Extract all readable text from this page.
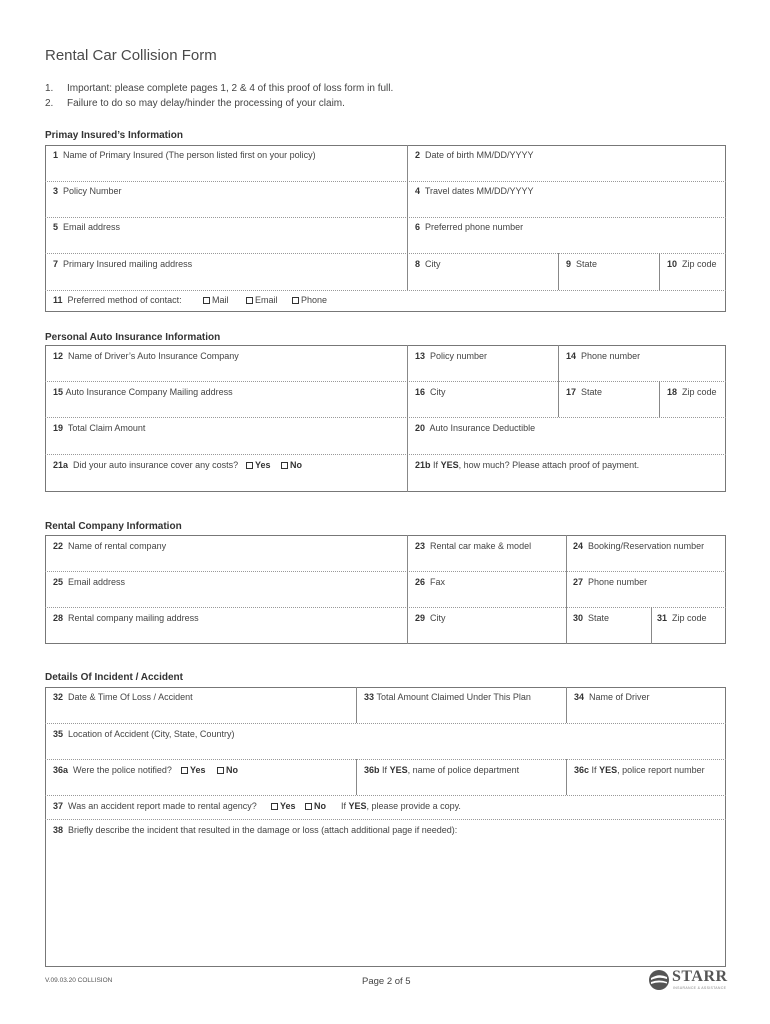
Rental Car Collision Form
1. Important: please complete pages 1, 2 & 4 of this proof of loss form in full.
2. Failure to do so may delay/hinder the processing of your claim.
Primay Insured’s Information
1 Name of Primary Insured (The person listed first on your policy)	2 Date of birth MM/DD/YYYY
3 Policy Number	4 Travel dates MM/DD/YYYY
5 Email address	6 Preferred phone number
7 Primary Insured mailing address	8 City	9 State	10 Zip code
11 Preferred method of contact:	Mail	Email	Phone
Personal Auto Insurance Information
12 Name of Driver’s Auto Insurance Company	13 Policy number	14 Phone number
15 Auto Insurance Company Mailing address	16 City	17 State	18 Zip code
19 Total Claim Amount	20 Auto Insurance Deductible
21a Did your auto insurance cover any costs?	Yes	No	21b If YES, how much? Please attach proof of payment.
Rental Company Information
22 Name of rental company	23 Rental car make & model	24 Booking/Reservation number
25 Email address	26 Fax	27 Phone number
28 Rental company mailing address	29 City	30 State	31 Zip code
Details Of Incident / Accident
32 Date & Time Of Loss / Accident	33 Total Amount Claimed Under This Plan	34 Name of Driver
35 Location of Accident (City, State, Country)
36a Were the police notified?	Yes	No	36b If YES, name of police department	36c If YES, police report number
37 Was an accident report made to rental agency?	Yes	No If YES, please provide a copy.
38 Briefly describe the incident that resulted in the damage or loss (attach additional page if needed):
V.09.03.20 COLLISION	Page 2 of 5	STARR
INSURANCE & ASSISTANCE
